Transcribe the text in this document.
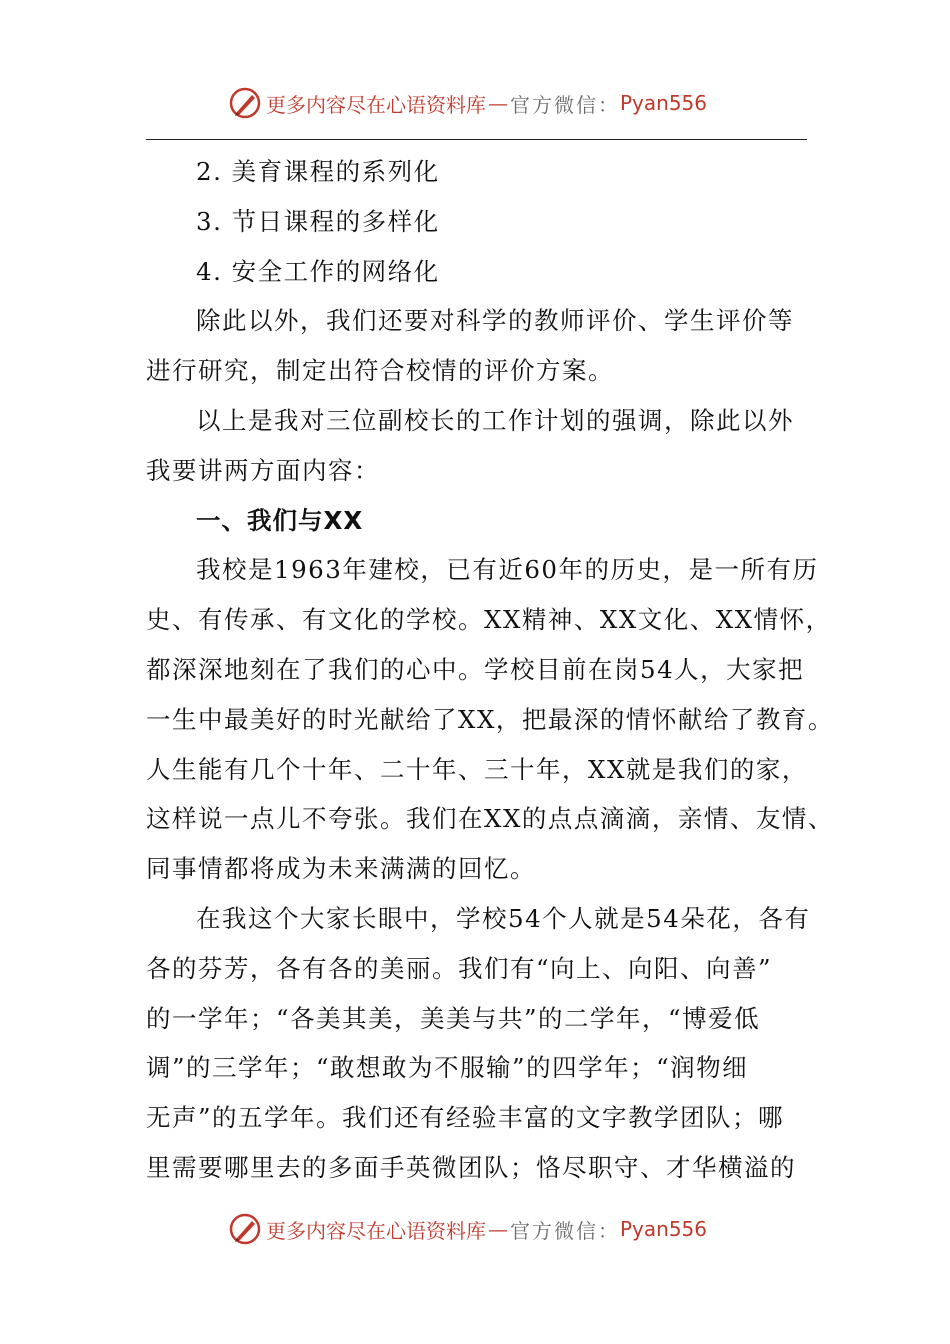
更多内容尽在心语资料库 — 官方微信： Pyan556
2. 美育课程的系列化
3. 节日课程的多样化
4. 安全工作的网络化
除此以外，我们还要对科学的教师评价、学生评价等
进行研究，制定出符合校情的评价方案。
以上是我对三位副校长的工作计划的强调，除此以外
我要讲两方面内容：
一、我们与XX
我校是1963年建校，已有近60年的历史，是一所有历
史、有传承、有文化的学校。XX精神、XX文化、XX情怀，
都深深地刻在了我们的心中。学校目前在岗54人，大家把
一生中最美好的时光献给了XX，把最深的情怀献给了教育。
人生能有几个十年、二十年、三十年，XX就是我们的家，
这样说一点儿不夸张。我们在XX的点点滴滴，亲情、友情、
同事情都将成为未来满满的回忆。
在我这个大家长眼中，学校54个人就是54朵花，各有
各的芬芳，各有各的美丽。我们有“向上、向阳、向善”
的一学年；“各美其美，美美与共”的二学年，“博爱低
调”的三学年；“敢想敢为不服输”的四学年；“润物细
无声”的五学年。我们还有经验丰富的文字教学团队；哪
里需要哪里去的多面手英微团队；恪尽职守、才华横溢的
更多内容尽在心语资料库 — 官方微信： Pyan556
